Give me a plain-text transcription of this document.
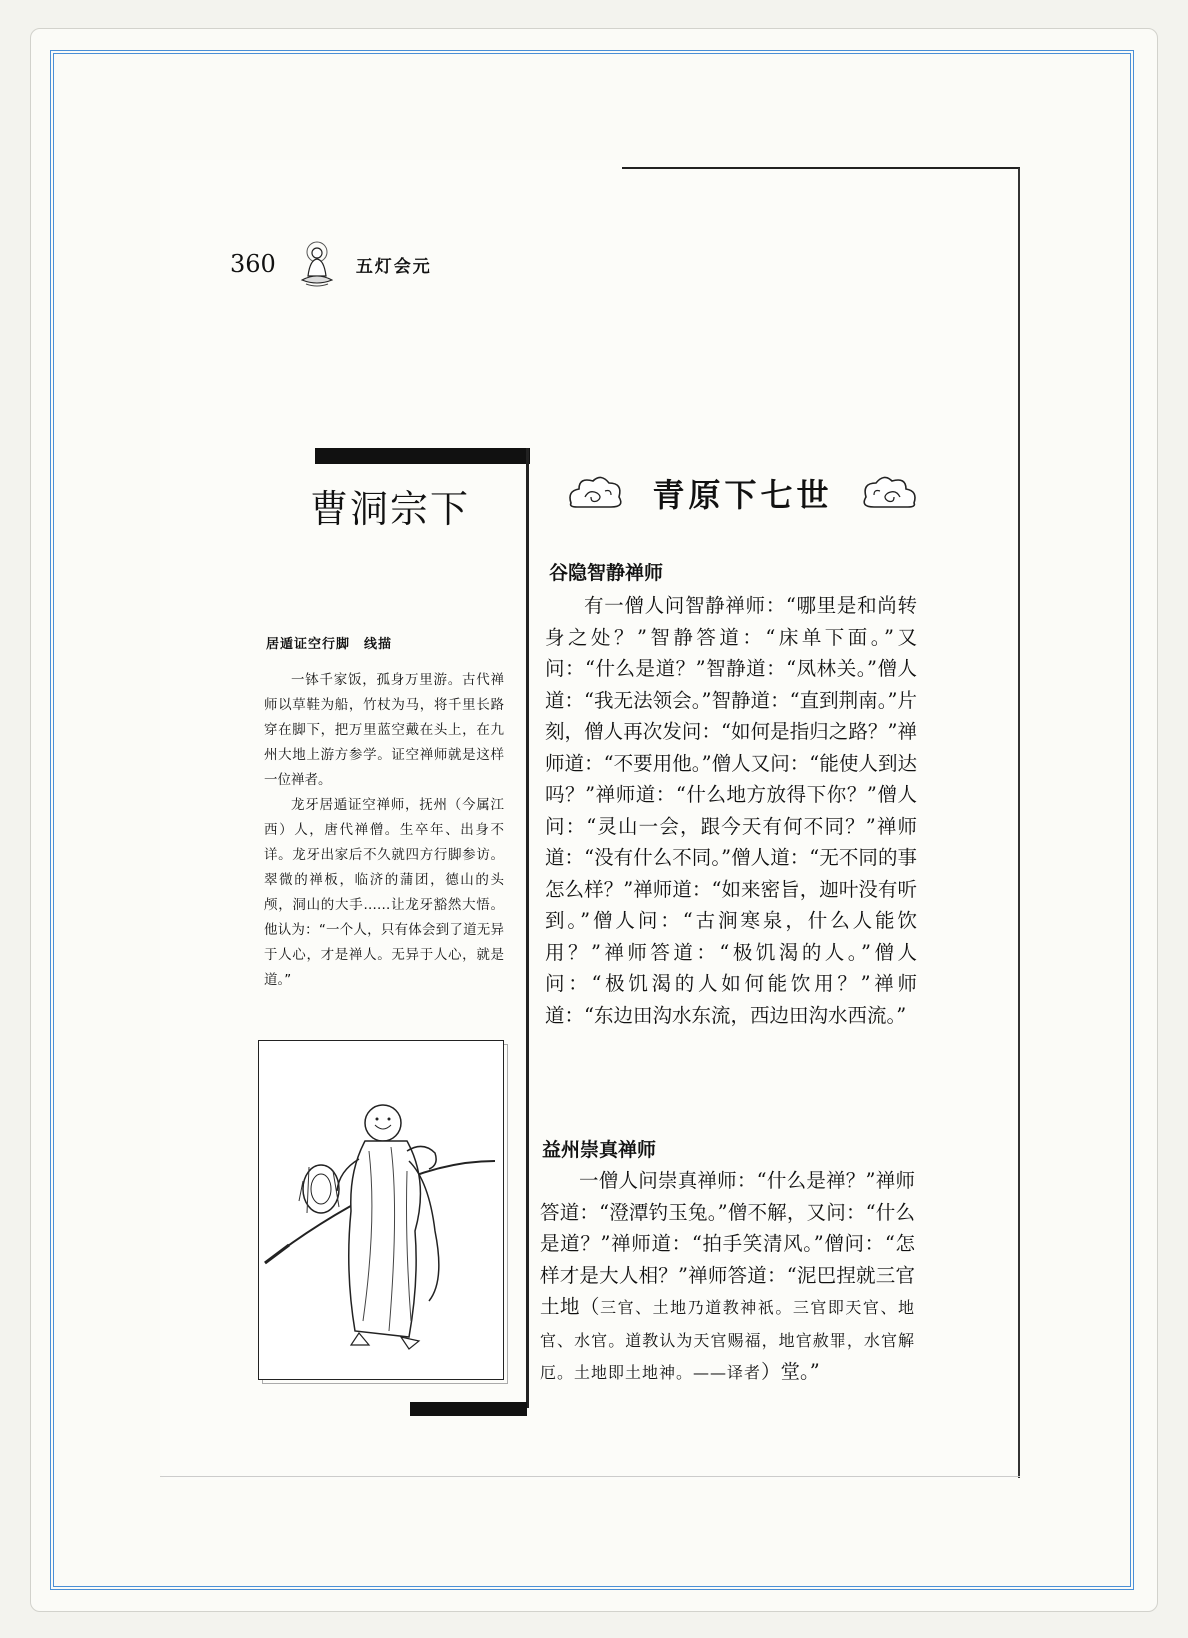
360	五灯会元
曹洞宗下
居遁证空行脚　线描

一钵千家饭，孤身万里游。古代禅师以草鞋为船，竹杖为马，将千里长路穿在脚下，把万里蓝空戴在头上，在九州大地上游方参学。证空禅师就是这样一位禅者。

龙牙居遁证空禅师，抚州（今属江西）人，唐代禅僧。生卒年、出身不详。龙牙出家后不久就四方行脚参访。翠微的禅板，临济的蒲团，德山的头颅，洞山的大手……让龙牙豁然大悟。他认为：“一个人，只有体会到了道无异于人心，才是禅人。无异于人心，就是道。”

青原下七世
谷隐智静禅师

有一僧人问智静禅师：“哪里是和尚转身之处？”智静答道：“床单下面。”又问：“什么是道？”智静道：“凤林关。”僧人道：“我无法领会。”智静道：“直到荆南。”片刻，僧人再次发问：“如何是指归之路？”禅师道：“不要用他。”僧人又问：“能使人到达吗？”禅师道：“什么地方放得下你？”僧人问：“灵山一会，跟今天有何不同？”禅师道：“没有什么不同。”僧人道：“无不同的事怎么样？”禅师道：“如来密旨，迦叶没有听到。”僧人问：“古涧寒泉，什么人能饮用？”禅师答道：“极饥渴的人。”僧人问：“极饥渴的人如何能饮用？”禅师道：“东边田沟水东流，西边田沟水西流。”

益州崇真禅师

一僧人问崇真禅师：“什么是禅？”禅师答道：“澄潭钓玉兔。”僧不解，又问：“什么是道？”禅师道：“拍手笑清风。”僧问：“怎样才是大人相？”禅师答道：“泥巴捏就三官土地（三官、土地乃道教神祇。三官即天官、地官、水官。道教认为天官赐福，地官赦罪，水官解厄。土地即土地神。——译者）堂。”
